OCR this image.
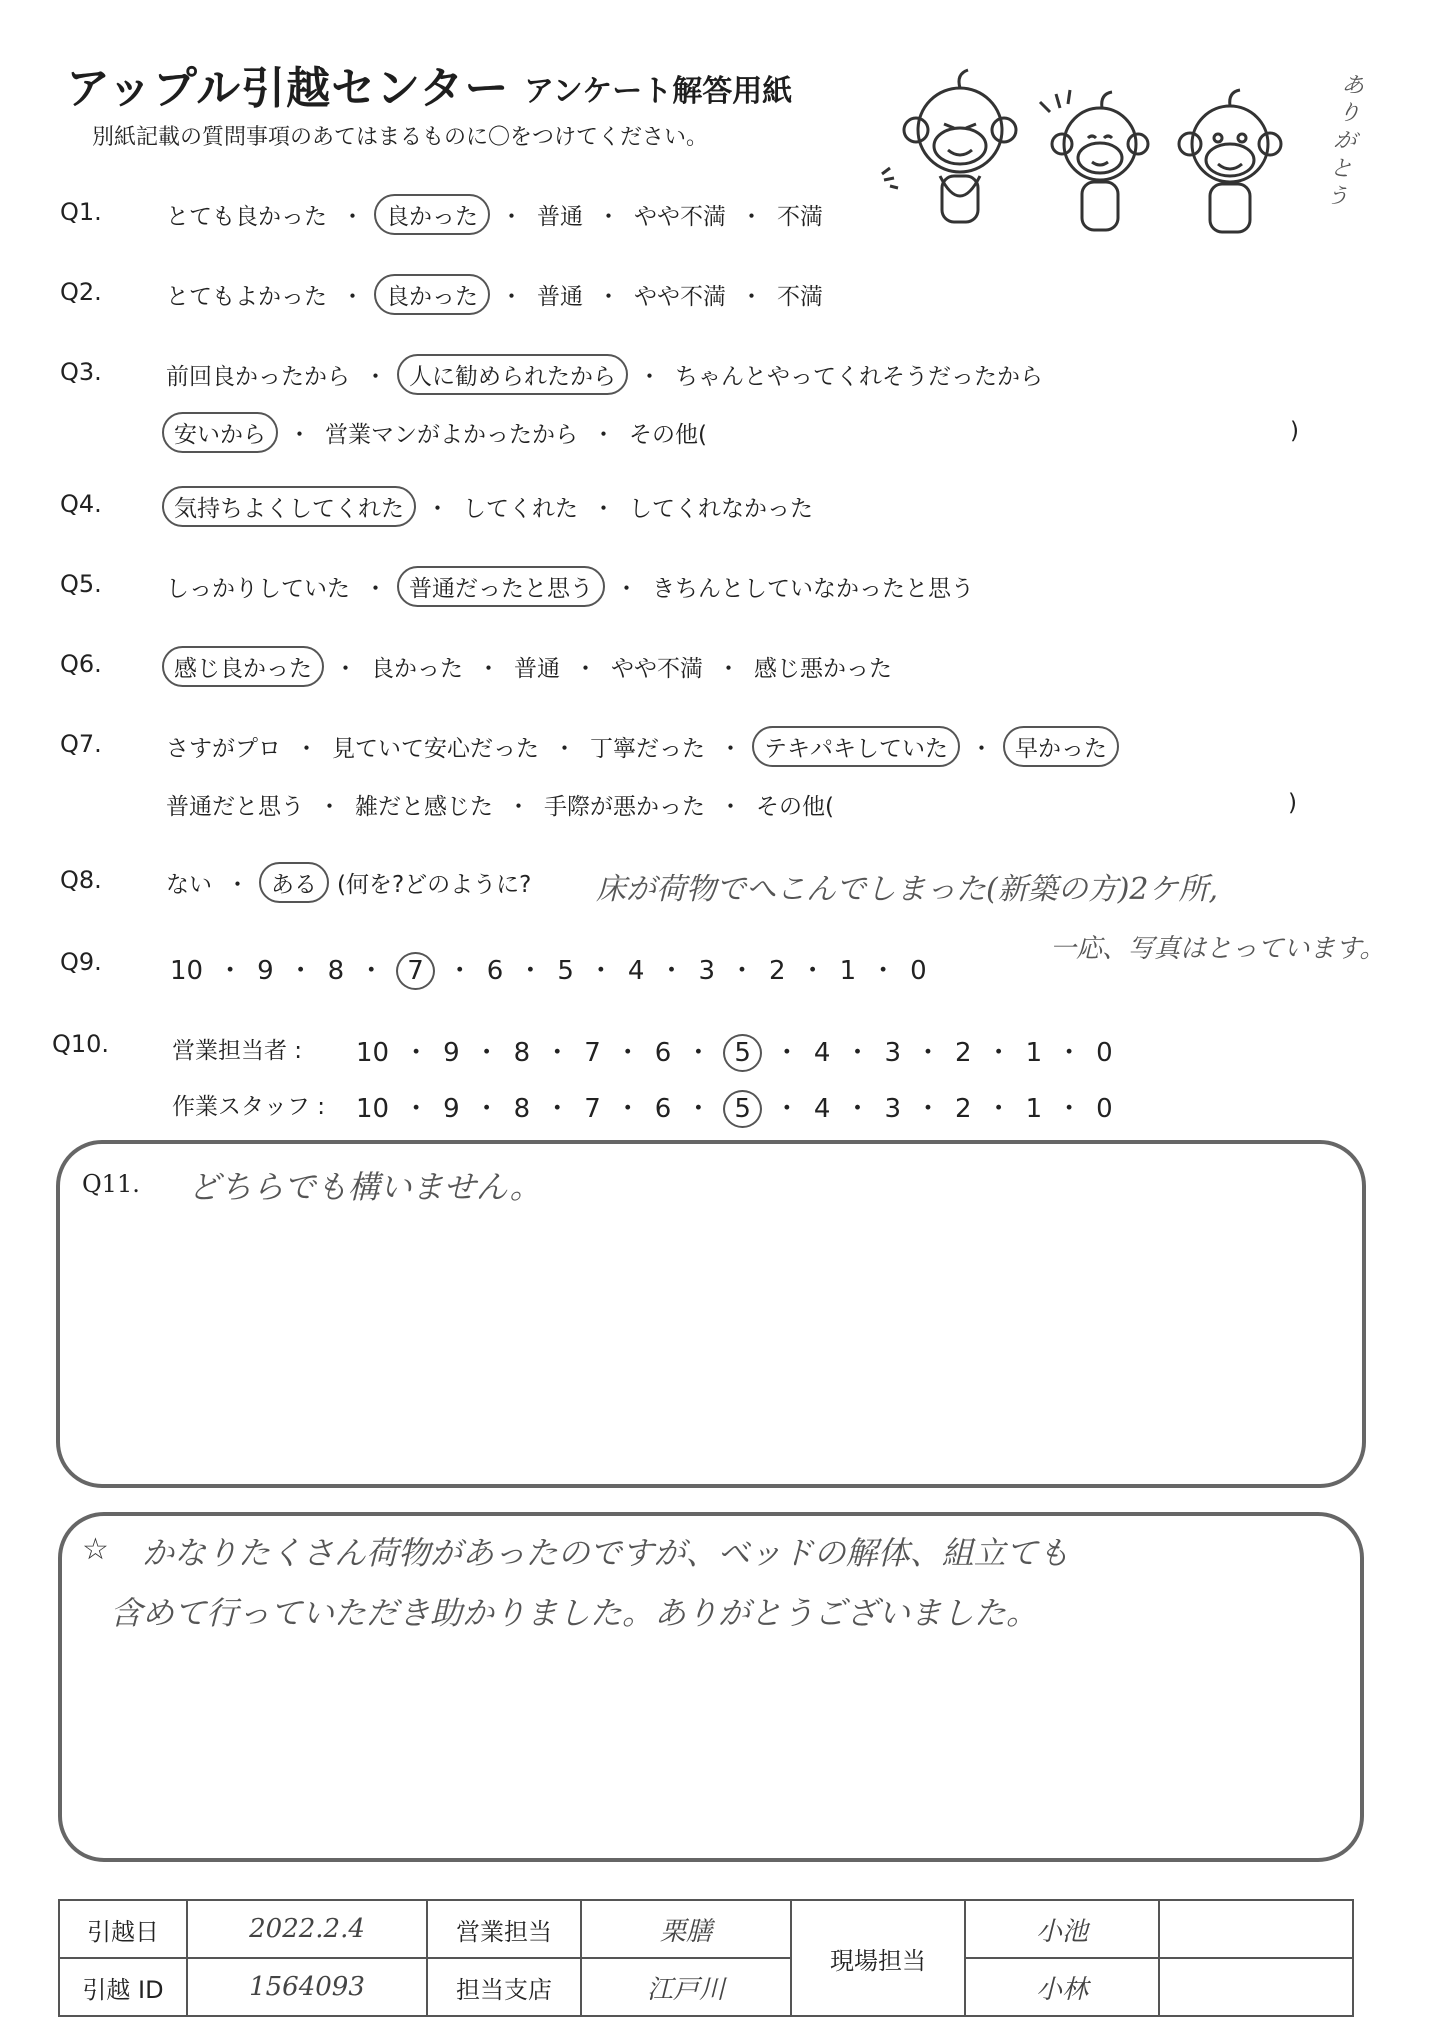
アップル引越センター アンケート解答用紙
別紙記載の質問事項のあてはまるものに〇をつけてください。
ありがとう
Q1.	とても良かった ・ 良かった ・ 普通 ・ やや不満 ・ 不満
Q2.	とてもよかった ・ 良かった ・ 普通 ・ やや不満 ・ 不満
Q3.	前回良かったから ・ 人に勧められたから ・ ちゃんとやってくれそうだったから
安いから ・ 営業マンがよかったから ・ その他(	)
Q4.	気持ちよくしてくれた ・ してくれた ・ してくれなかった
Q5.	しっかりしていた ・ 普通だったと思う ・ きちんとしていなかったと思う
Q6.	感じ良かった ・ 良かった ・ 普通 ・ やや不満 ・ 感じ悪かった
Q7.	さすがプロ ・ 見ていて安心だった ・ 丁寧だった ・ テキパキしていた ・ 早かった
普通だと思う ・ 雑だと感じた ・ 手際が悪かった ・ その他(	)
Q8.	ない ・ ある (何を?どのように? 床が荷物でへこんでしまった(新築の方)2ケ所,
一応、写真はとっています。
Q9.	10 ・ 9 ・ 8 ・ 7 ・ 6 ・ 5 ・ 4 ・ 3 ・ 2 ・ 1 ・ 0
Q10.	営業担当者 : 10 ・ 9 ・ 8 ・ 7 ・ 6 ・ 5 ・ 4 ・ 3 ・ 2 ・ 1 ・ 0
作業スタッフ : 10 ・ 9 ・ 8 ・ 7 ・ 6 ・ 5 ・ 4 ・ 3 ・ 2 ・ 1 ・ 0
Q11. どちらでも構いません。
☆ かなりたくさん荷物があったのですが、ベッドの解体、組立ても
含めて行っていただき助かりました。ありがとうございました。
引越日	2022.2.4	営業担当	栗膳	現場担当	小池	
引越 ID	1564093	担当支店	江戸川		小林	
